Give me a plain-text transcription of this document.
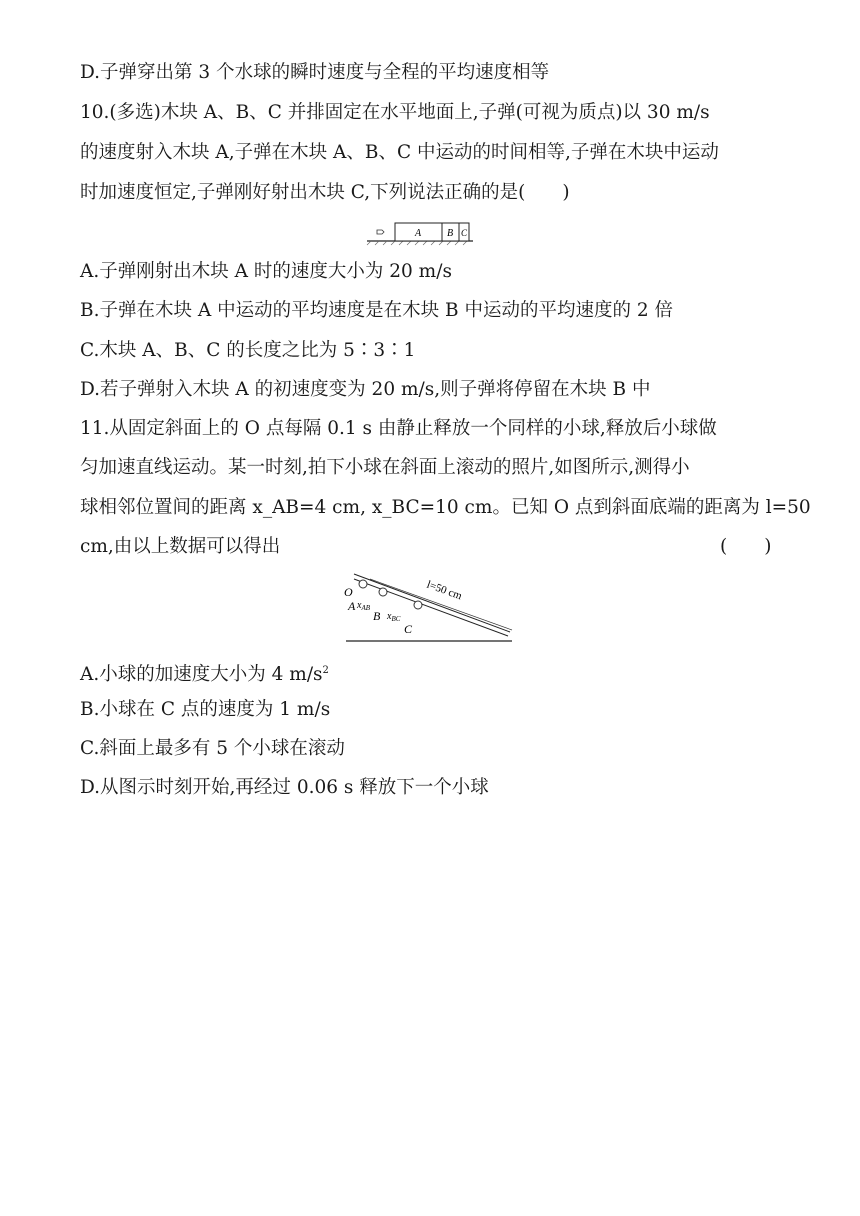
D.子弹穿出第 3 个水球的瞬时速度与全程的平均速度相等
10.(多选)木块 A、B、C 并排固定在水平地面上,子弹(可视为质点)以 30 m/s
的速度射入木块 A,子弹在木块 A、B、C 中运动的时间相等,子弹在木块中运动
时加速度恒定,子弹刚好射出木块 C,下列说法正确的是(　　)
A	B C
A.子弹刚射出木块 A 时的速度大小为 20 m/s
B.子弹在木块 A 中运动的平均速度是在木块 B 中运动的平均速度的 2 倍
C.木块 A、B、C 的长度之比为 5∶3∶1
D.若子弹射入木块 A 的初速度变为 20 m/s,则子弹将停留在木块 B 中
11.从固定斜面上的 O 点每隔 0.1 s 由静止释放一个同样的小球,释放后小球做
匀加速直线运动。某一时刻,拍下小球在斜面上滚动的照片,如图所示,测得小
球相邻位置间的距离 x_AB=4 cm, x_BC=10 cm。已知 O 点到斜面底端的距离为 l=50
cm,由以上数据可以得出	(　　)
O
A $x_{AB}$
B $x_{BC}$
C
l=50 cm
A.小球的加速度大小为 4 $m/s^2$
B.小球在 C 点的速度为 1 m/s
C.斜面上最多有 5 个小球在滚动
D.从图示时刻开始,再经过 0.06 s 释放下一个小球
